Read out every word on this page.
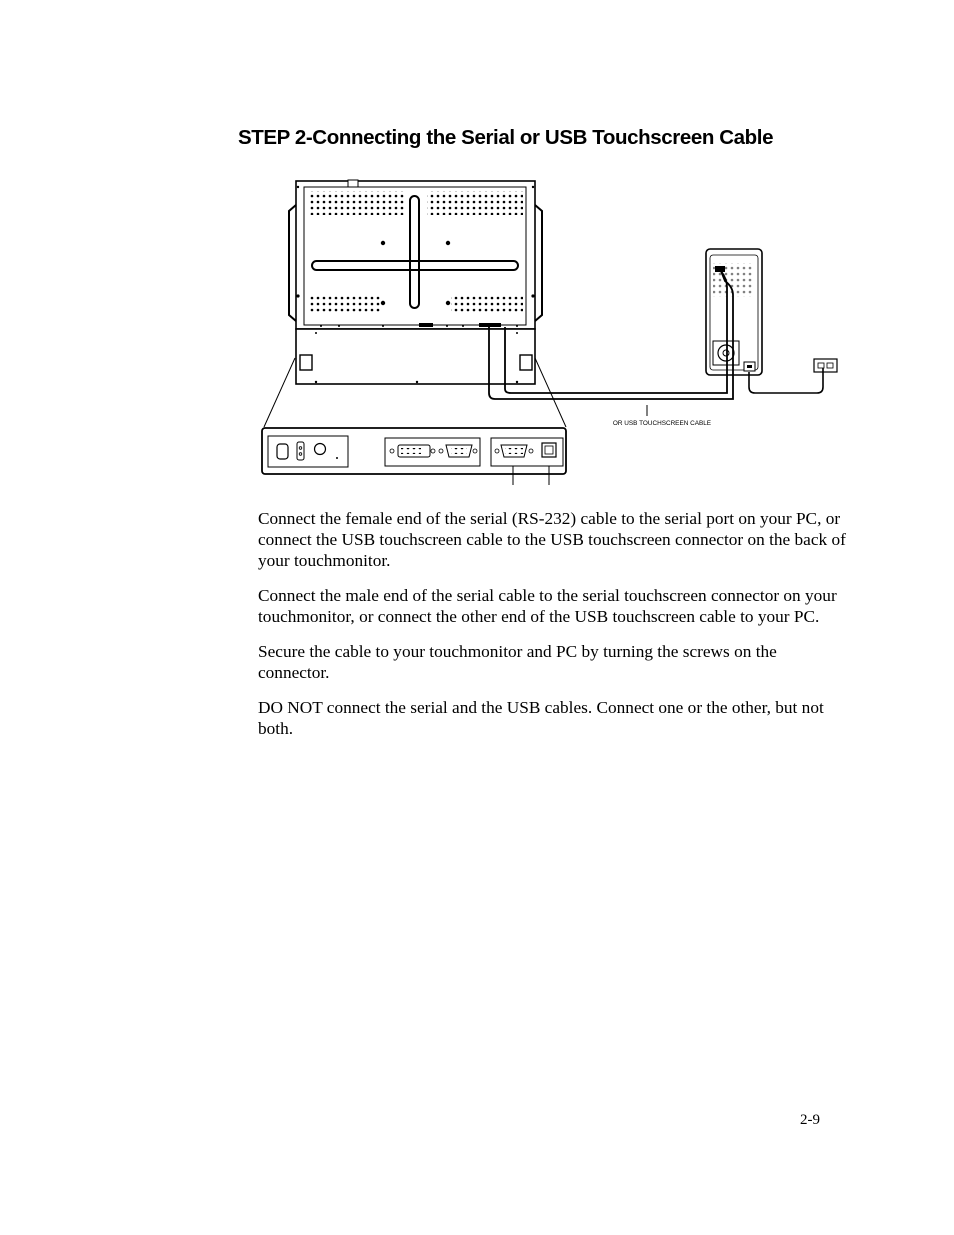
STEP 2-Connecting the Serial or USB Touchscreen Cable
OR USB TOUCHSCREEN CABLE

Connect the female end of the serial (RS-232) cable to the serial port on your PC, or connect the USB touchscreen cable to the USB touchscreen connector on the back of your touchmonitor.

Connect the male end of the serial cable to the serial touchscreen connector on your touchmonitor, or connect the other end of the USB touchscreen cable to your PC.

Secure the cable to your touchmonitor and PC by turning the screws on the connector.

DO NOT connect the serial and the USB cables. Connect one or the other, but not both.

2-9
